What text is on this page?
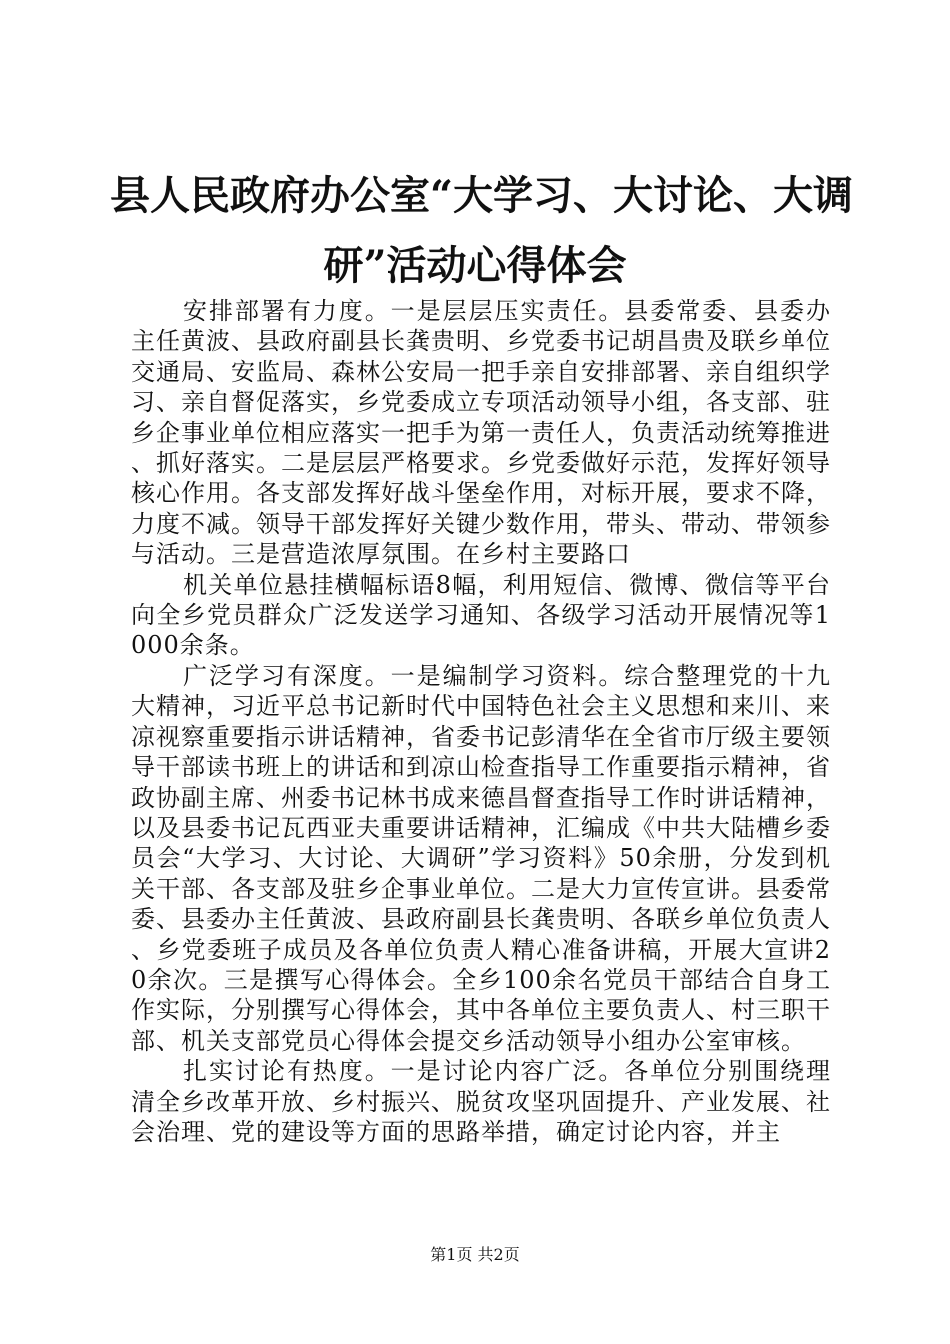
县人民政府办公室“大学习、大讨论、大调
研”活动心得体会

安排部署有力度。一是层层压实责任。县委常委、县委办主任黄波、县政府副县长龚贵明、乡党委书记胡昌贵及联乡单位交通局、安监局、森林公安局一把手亲自安排部署、亲自组织学习、亲自督促落实，乡党委成立专项活动领导小组，各支部、驻乡企事业单位相应落实一把手为第一责任人，负责活动统筹推进、抓好落实。二是层层严格要求。乡党委做好示范，发挥好领导核心作用。各支部发挥好战斗堡垒作用，对标开展，要求不降，力度不减。领导干部发挥好关键少数作用，带头、带动、带领参与活动。三是营造浓厚氛围。在乡村主要路口

机关单位悬挂横幅标语8幅，利用短信、微博、微信等平台向全乡党员群众广泛发送学习通知、各级学习活动开展情况等1000余条。

广泛学习有深度。一是编制学习资料。综合整理党的十九大精神，习近平总书记新时代中国特色社会主义思想和来川、来凉视察重要指示讲话精神，省委书记彭清华在全省市厅级主要领导干部读书班上的讲话和到凉山检查指导工作重要指示精神，省政协副主席、州委书记林书成来德昌督查指导工作时讲话精神，以及县委书记瓦西亚夫重要讲话精神，汇编成《中共大陆槽乡委员会“大学习、大讨论、大调研”学习资料》50余册，分发到机关干部、各支部及驻乡企事业单位。二是大力宣传宣讲。县委常委、县委办主任黄波、县政府副县长龚贵明、各联乡单位负责人、乡党委班子成员及各单位负责人精心准备讲稿，开展大宣讲20余次。三是撰写心得体会。全乡100余名党员干部结合自身工作实际，分别撰写心得体会，其中各单位主要负责人、村三职干部、机关支部党员心得体会提交乡活动领导小组办公室审核。

扎实讨论有热度。一是讨论内容广泛。各单位分别围绕理清全乡改革开放、乡村振兴、脱贫攻坚巩固提升、产业发展、社会治理、党的建设等方面的思路举措，确定讨论内容，并主

第1页 共2页
